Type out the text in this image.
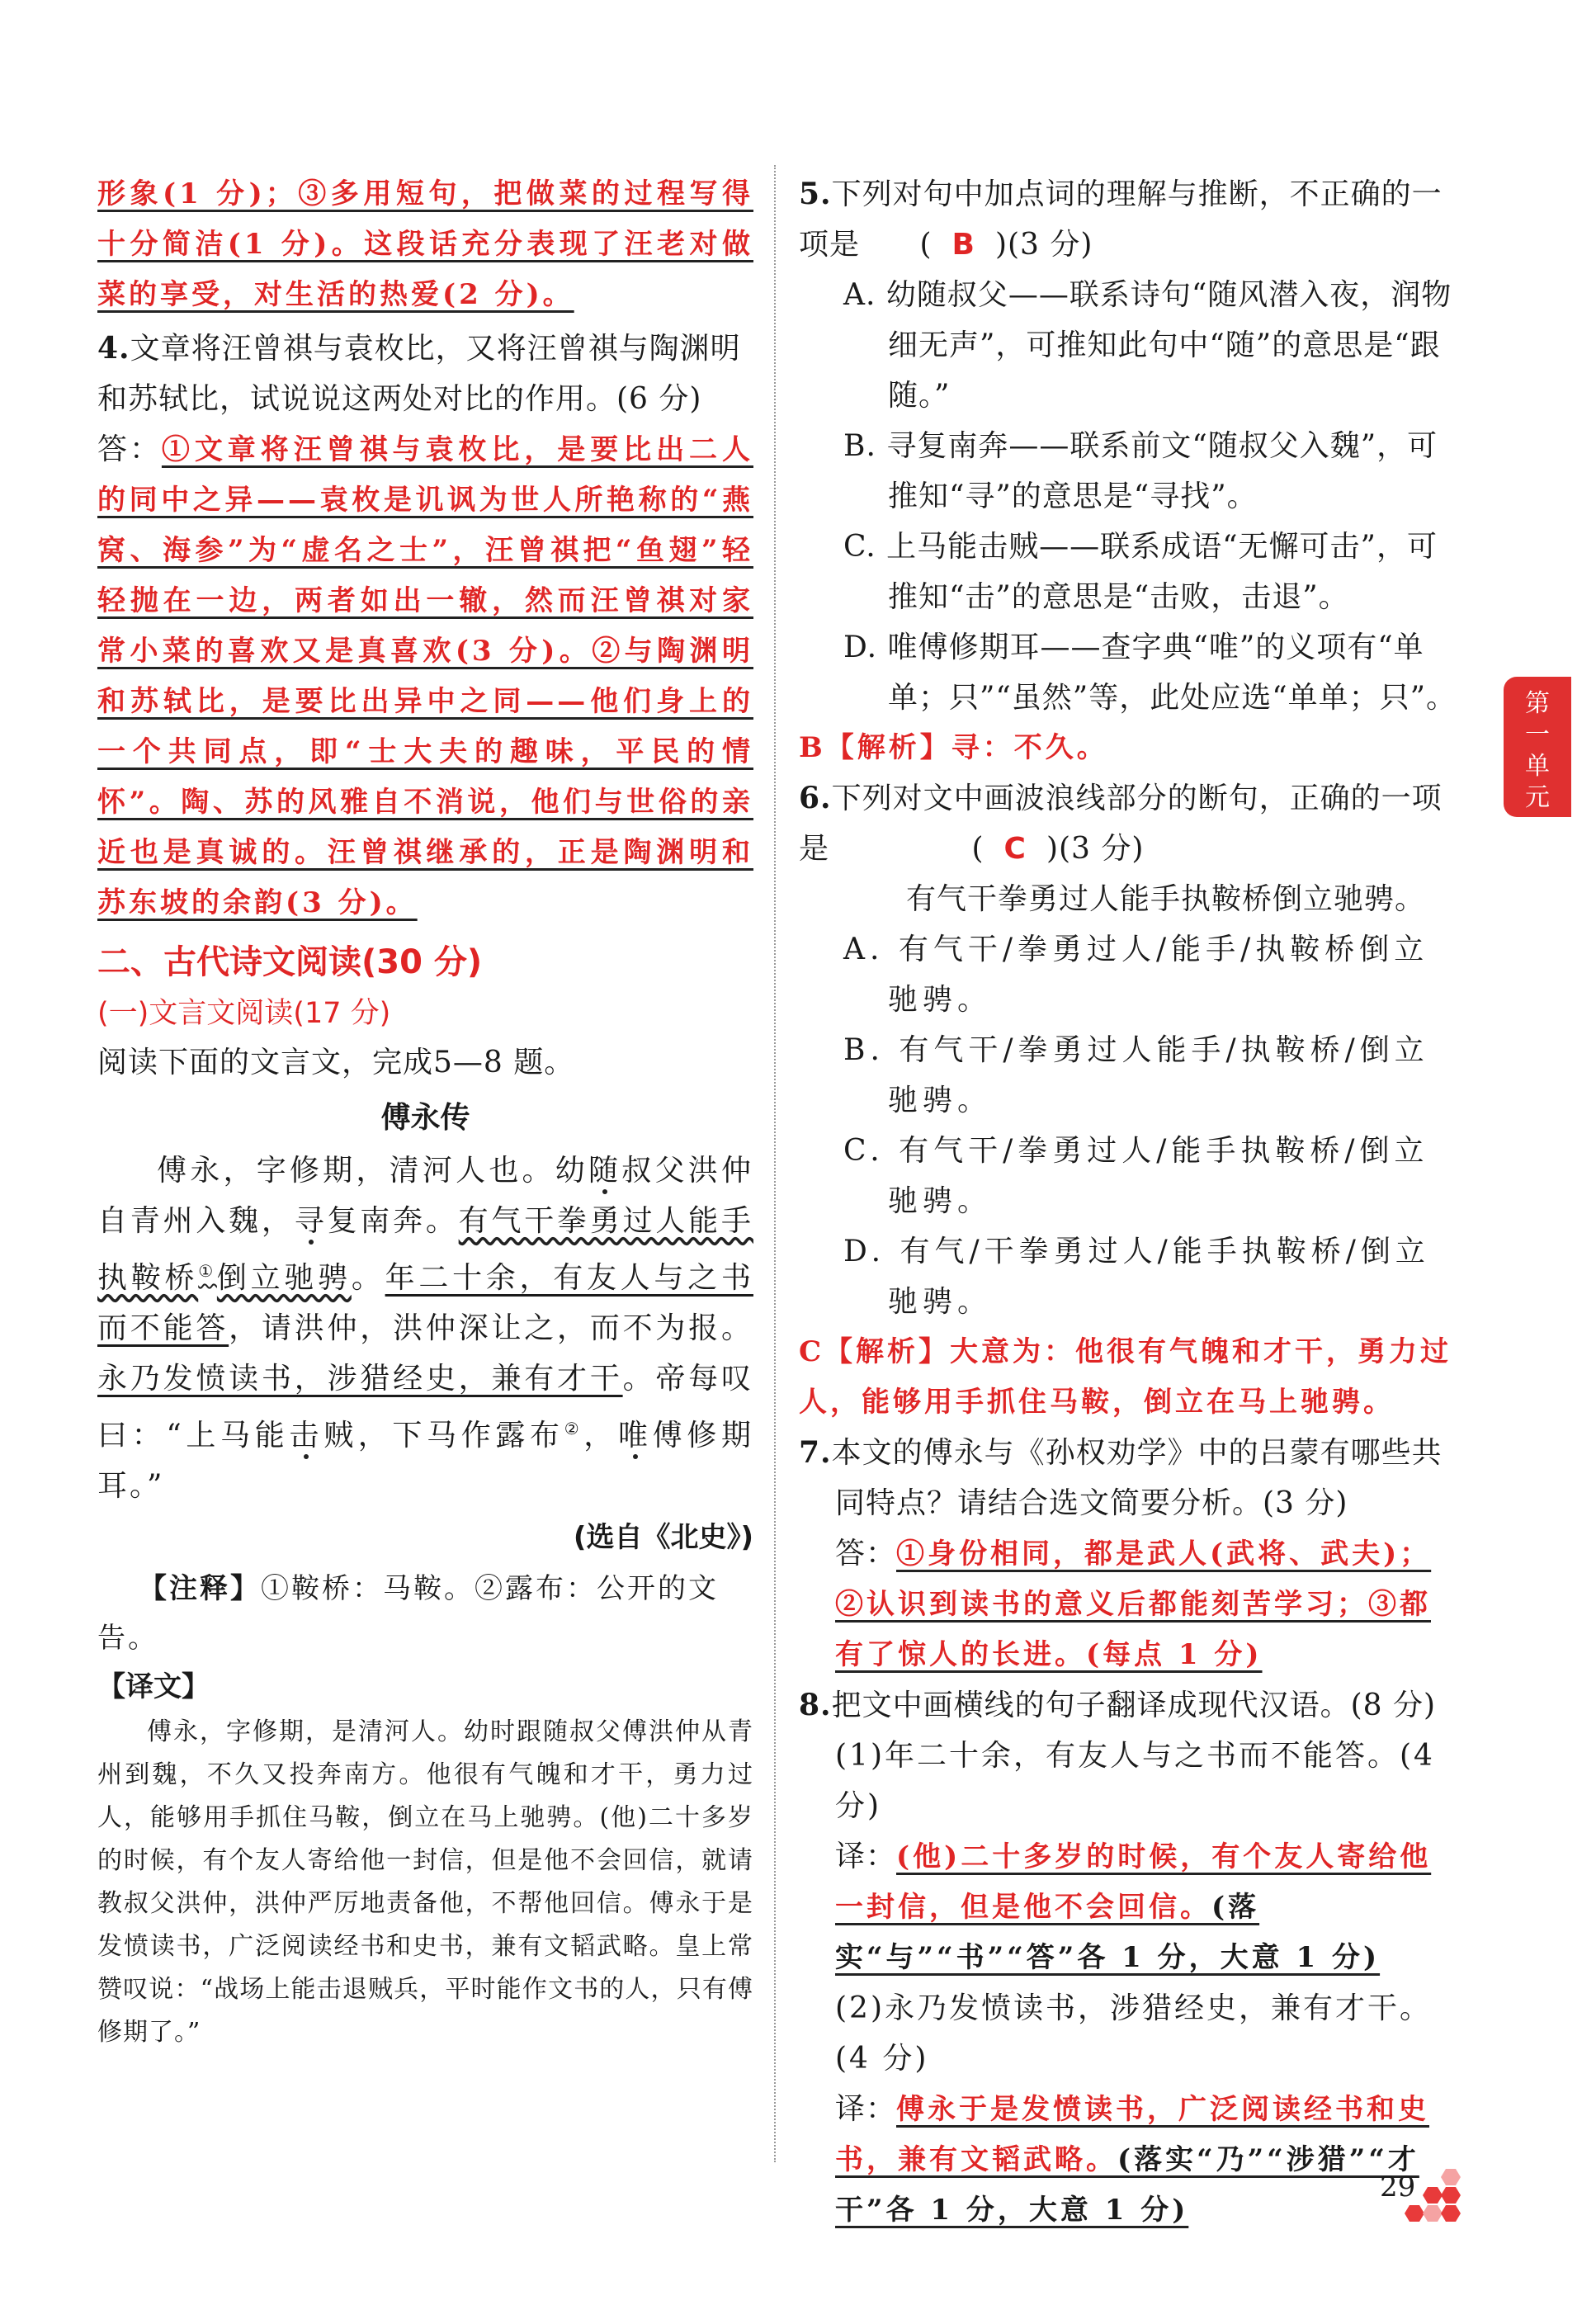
形象(1 分)；③多用短句，把做菜的过程写得十分简洁(1 分)。这段话充分表现了汪老对做菜的享受，对生活的热爱(2 分)。

4.文章将汪曾祺与袁枚比，又将汪曾祺与陶渊明和苏轼比，试说说这两处对比的作用。(6 分)

答：①文章将汪曾祺与袁枚比，是要比出二人的同中之异——袁枚是讥讽为世人所艳称的“燕窝、海参”为“虚名之士”，汪曾祺把“鱼翅”轻轻抛在一边，两者如出一辙，然而汪曾祺对家常小菜的喜欢又是真喜欢(3 分)。②与陶渊明和苏轼比，是要比出异中之同——他们身上的一个共同点，即“士大夫的趣味，平民的情怀”。陶、苏的风雅自不消说，他们与世俗的亲近也是真诚的。汪曾祺继承的，正是陶渊明和苏东坡的余韵(3 分)。

二、古代诗文阅读(30 分)

(一)文言文阅读(17 分)

阅读下面的文言文，完成5—8 题。

傅永传

傅永，字修期，清河人也。幼随叔父洪仲自青州入魏，寻复南奔。有气干拳勇过人能手执鞍桥①倒立驰骋。年二十余，有友人与之书而不能答，请洪仲，洪仲深让之，而不为报。永乃发愤读书，涉猎经史，兼有才干。帝每叹曰：“上马能击贼，下马作露布②，唯傅修期耳。”

(选自《北史》)

【注释】①鞍桥：马鞍。②露布：公开的文告。

【译文】

傅永，字修期，是清河人。幼时跟随叔父傅洪仲从青州到魏，不久又投奔南方。他很有气魄和才干，勇力过人，能够用手抓住马鞍，倒立在马上驰骋。(他)二十多岁的时候，有个友人寄给他一封信，但是他不会回信，就请教叔父洪仲，洪仲严厉地责备他，不帮他回信。傅永于是发愤读书，广泛阅读经书和史书，兼有文韬武略。皇上常赞叹说：“战场上能击退贼兵，平时能作文书的人，只有傅修期了。”

5.下列对句中加点词的理解与推断，不正确的一项是 ( B )(3 分)

A. 幼随叔父——联系诗句“随风潜入夜，润物细无声”，可推知此句中“随”的意思是“跟随。”

B. 寻复南奔——联系前文“随叔父入魏”，可推知“寻”的意思是“寻找”。

C. 上马能击贼——联系成语“无懈可击”，可推知“击”的意思是“击败，击退”。

D. 唯傅修期耳——查字典“唯”的义项有“单单；只”“虽然”等，此处应选“单单；只”。

B【解析】寻：不久。

6.下列对文中画波浪线部分的断句，正确的一项是	( C )(3 分)

有气干拳勇过人能手执鞍桥倒立驰骋。

A. 有气干/拳勇过人/能手/执鞍桥倒立驰骋。

B. 有气干/拳勇过人能手/执鞍桥/倒立驰骋。

C. 有气干/拳勇过人/能手执鞍桥/倒立驰骋。

D. 有气/干拳勇过人/能手执鞍桥/倒立驰骋。

C【解析】大意为：他很有气魄和才干，勇力过人，能够用手抓住马鞍，倒立在马上驰骋。

7.本文的傅永与《孙权劝学》中的吕蒙有哪些共同特点？请结合选文简要分析。(3 分)

答：①身份相同，都是武人(武将、武夫)；②认识到读书的意义后都能刻苦学习；③都有了惊人的长进。(每点 1 分)

8.把文中画横线的句子翻译成现代汉语。(8 分)

(1)年二十余，有友人与之书而不能答。(4 分)

译：(他)二十多岁的时候，有个友人寄给他一封信，但是他不会回信。(落实“与”“书”“答”各 1 分，大意 1 分)

(2)永乃发愤读书，涉猎经史，兼有才干。(4 分)

译：傅永于是发愤读书，广泛阅读经书和史书，兼有文韬武略。(落实“乃”“涉猎”“才干”各 1 分，大意 1 分)

第一单元
29
